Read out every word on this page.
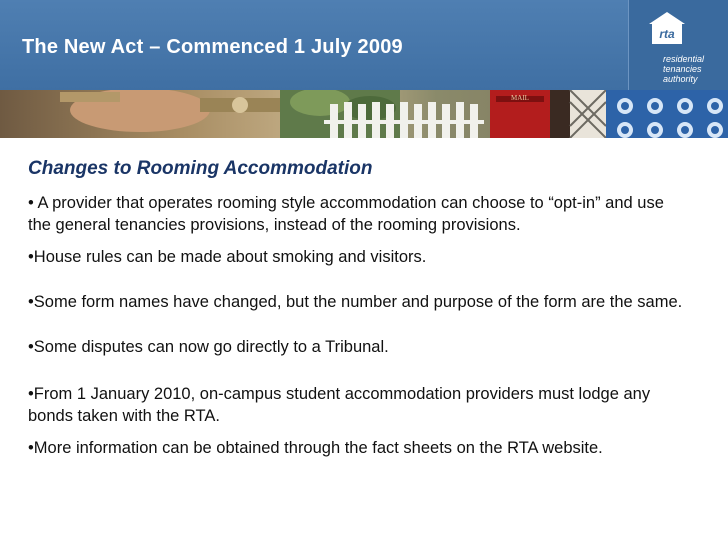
The New Act – Commenced 1 July 2009
rta
residential
tenancies
authority
MAIL
Changes to Rooming Accommodation

• A provider that operates rooming style accommodation can choose to “opt-in” and use the general tenancies provisions, instead of the rooming provisions.

•House rules can be made about smoking and visitors.

•Some form names have changed, but the number and purpose of the form are the same.

•Some disputes can now go directly to a Tribunal.

•From 1 January 2010, on-campus student accommodation providers must lodge any bonds taken with the RTA.

•More information can be obtained through the fact sheets on the RTA website.
